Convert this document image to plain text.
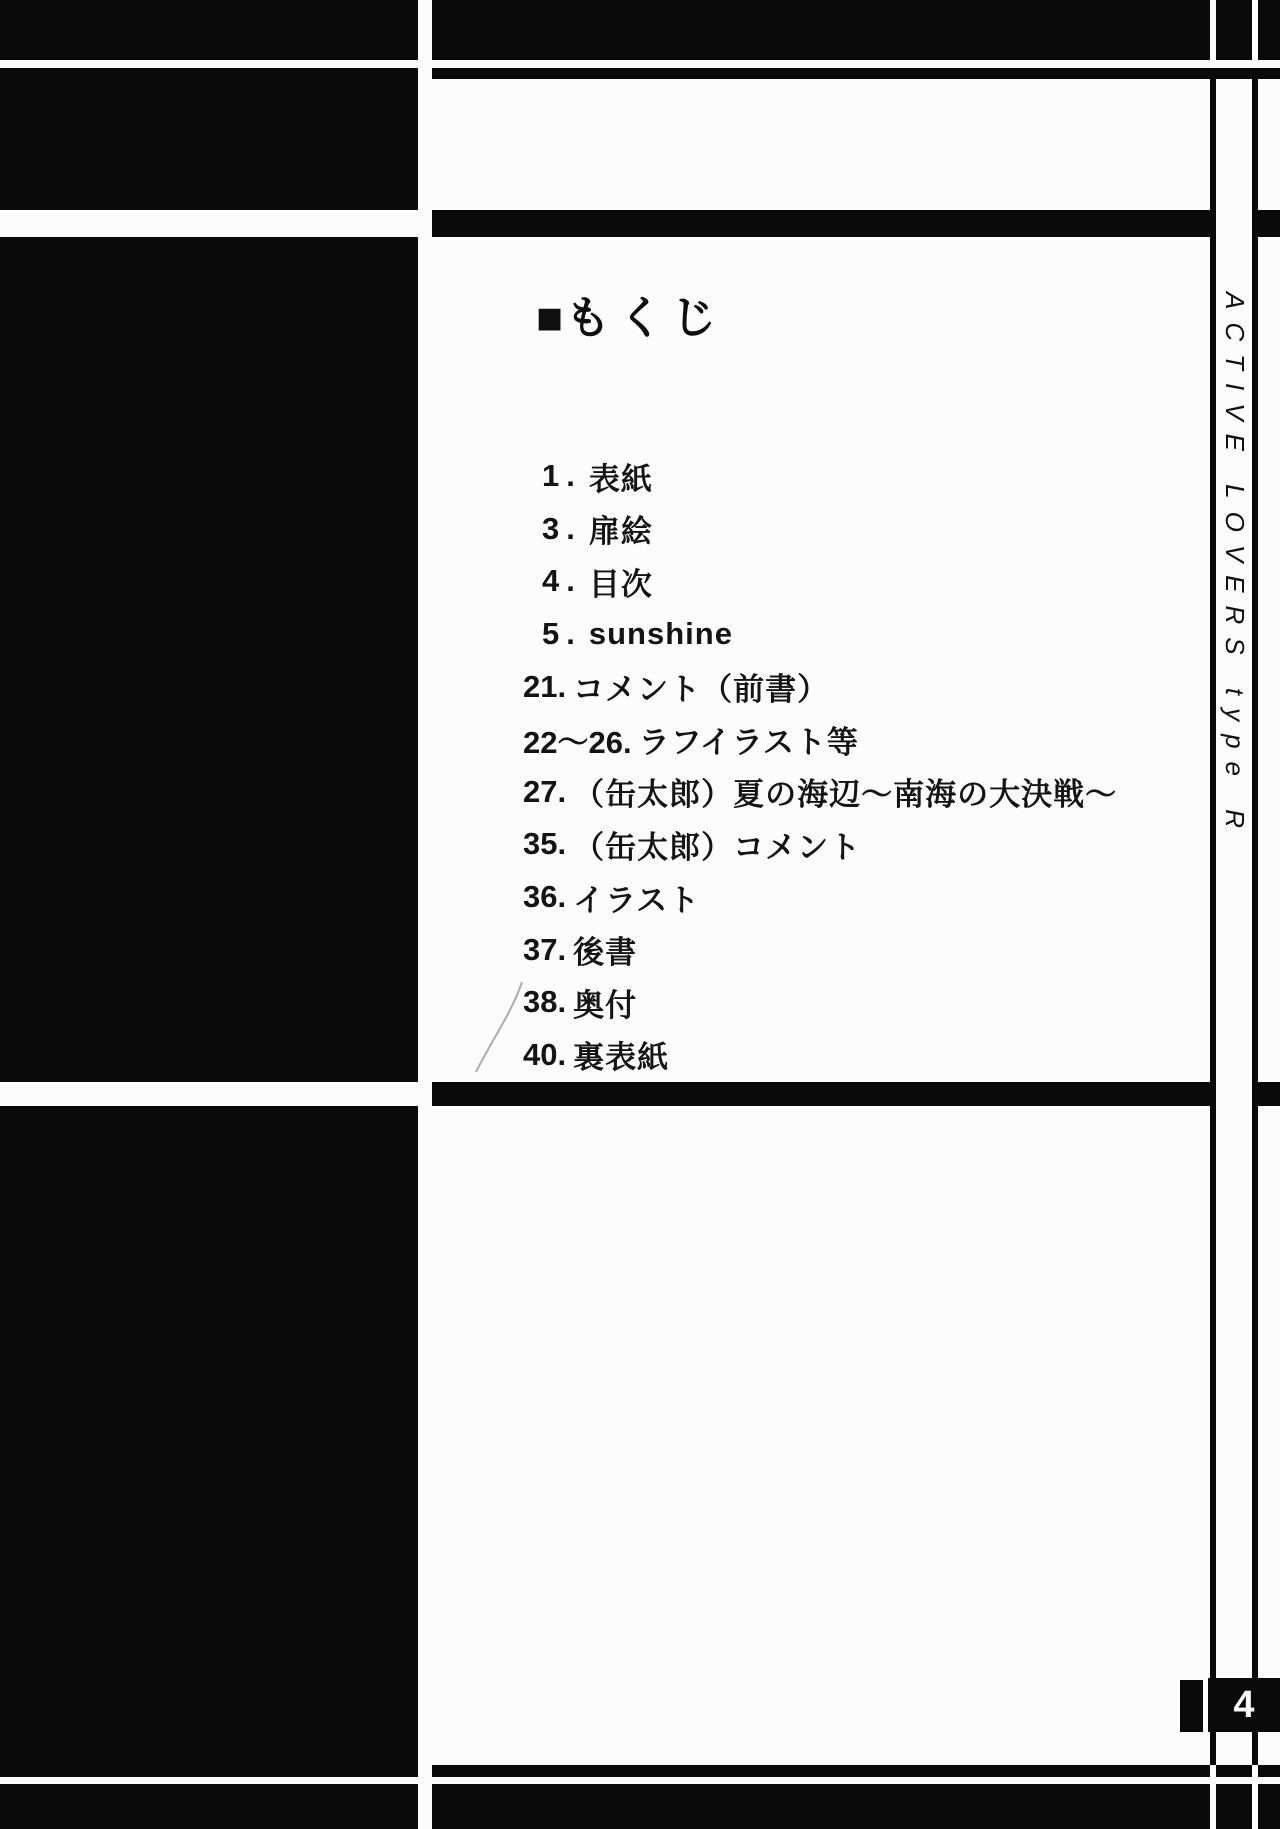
■もくじ
1. 表紙
3. 扉絵
4. 目次
5. sunshine
21. コメント（前書）
22～26. ラフイラスト等
27. （缶太郎）夏の海辺～南海の大決戦～
35. （缶太郎）コメント
36. イラスト
37. 後書
38. 奥付
40. 裏表紙
ACTIVE LOVERS type R
4
